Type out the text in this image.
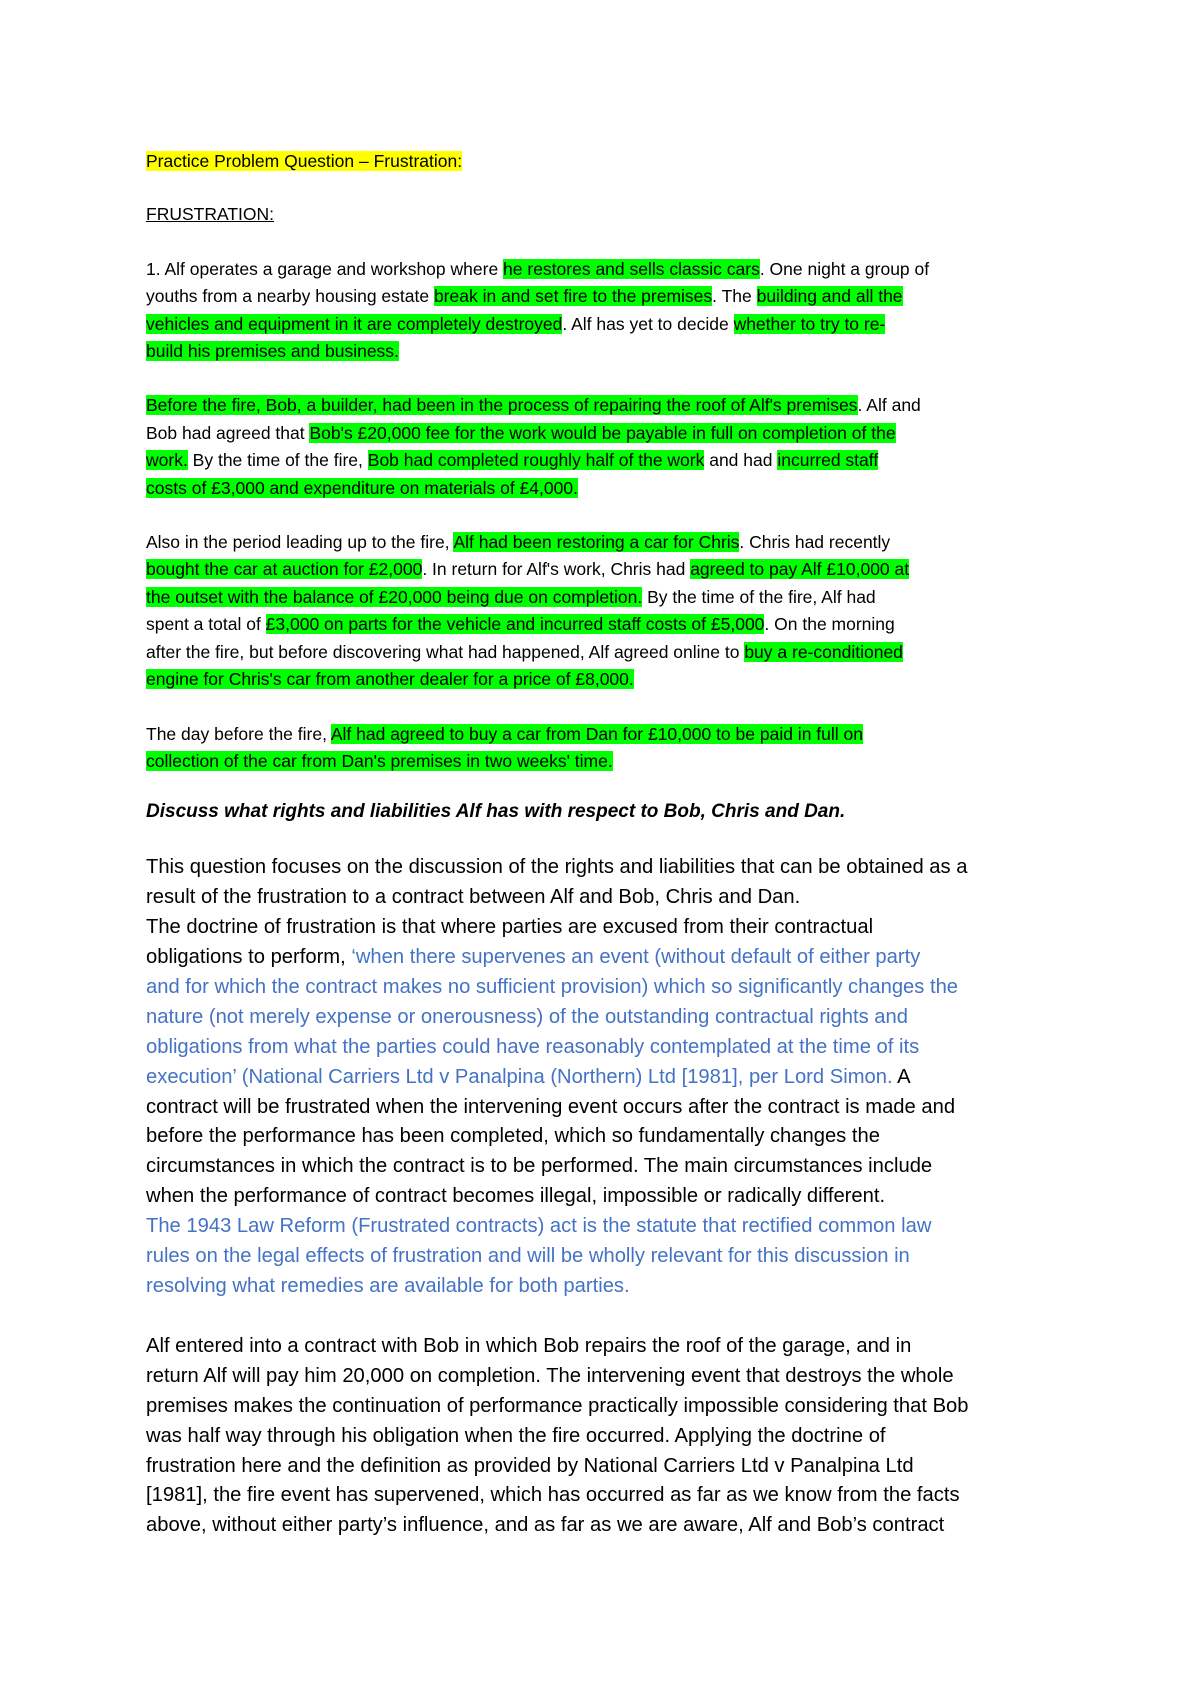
Practice Problem Question – Frustration:
FRUSTRATION:
1. Alf operates a garage and workshop where he restores and sells classic cars. One night a group of
youths from a nearby housing estate break in and set fire to the premises. The building and all the
vehicles and equipment in it are completely destroyed. Alf has yet to decide whether to try to re-
build his premises and business.
Before the fire, Bob, a builder, had been in the process of repairing the roof of Alf's premises. Alf and
Bob had agreed that Bob's £20,000 fee for the work would be payable in full on completion of the
work. By the time of the fire, Bob had completed roughly half of the work and had incurred staff
costs of £3,000 and expenditure on materials of £4,000.
Also in the period leading up to the fire, Alf had been restoring a car for Chris. Chris had recently
bought the car at auction for £2,000. In return for Alf's work, Chris had agreed to pay Alf £10,000 at
the outset with the balance of £20,000 being due on completion. By the time of the fire, Alf had
spent a total of £3,000 on parts for the vehicle and incurred staff costs of £5,000. On the morning
after the fire, but before discovering what had happened, Alf agreed online to buy a re-conditioned
engine for Chris's car from another dealer for a price of £8,000.
The day before the fire, Alf had agreed to buy a car from Dan for £10,000 to be paid in full on
collection of the car from Dan's premises in two weeks' time.
Discuss what rights and liabilities Alf has with respect to Bob, Chris and Dan.
This question focuses on the discussion of the rights and liabilities that can be obtained as a
result of the frustration to a contract between Alf and Bob, Chris and Dan.
The doctrine of frustration is that where parties are excused from their contractual
obligations to perform, ‘when there supervenes an event (without default of either party
and for which the contract makes no sufficient provision) which so significantly changes the
nature (not merely expense or onerousness) of the outstanding contractual rights and
obligations from what the parties could have reasonably contemplated at the time of its
execution’ (National Carriers Ltd v Panalpina (Northern) Ltd [1981], per Lord Simon. A
contract will be frustrated when the intervening event occurs after the contract is made and
before the performance has been completed, which so fundamentally changes the
circumstances in which the contract is to be performed. The main circumstances include
when the performance of contract becomes illegal, impossible or radically different.
The 1943 Law Reform (Frustrated contracts) act is the statute that rectified common law
rules on the legal effects of frustration and will be wholly relevant for this discussion in
resolving what remedies are available for both parties.
Alf entered into a contract with Bob in which Bob repairs the roof of the garage, and in
return Alf will pay him 20,000 on completion. The intervening event that destroys the whole
premises makes the continuation of performance practically impossible considering that Bob
was half way through his obligation when the fire occurred. Applying the doctrine of
frustration here and the definition as provided by National Carriers Ltd v Panalpina Ltd
[1981], the fire event has supervened, which has occurred as far as we know from the facts
above, without either party’s influence, and as far as we are aware, Alf and Bob’s contract
